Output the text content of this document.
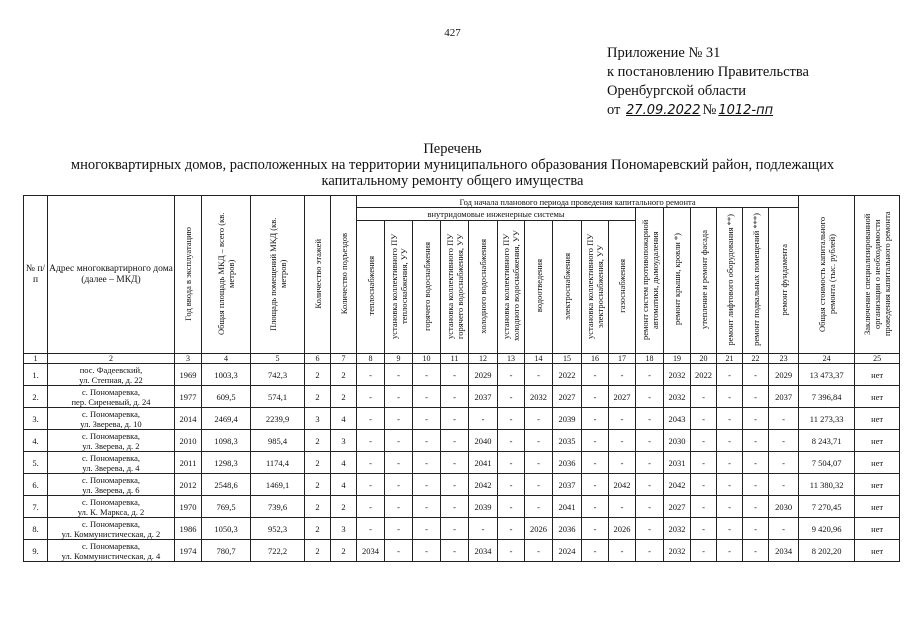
427
Приложение № 31
к постановлению Правительства
Оренбургской области
от
27.09.2022 № 1012-пп
Перечень
многоквартирных домов, расположенных на территории муниципального образования Пономаревский район, подлежащих
капитальному ремонту общего имущества
№ п/п	Адрес многоквартирного дома (далее – МКД)	Год ввода в эксплуатацию	Общая площадь МКД – всего (кв. метров)	Площадь помещений МКД (кв. метров)	Количество этажей	Количество подъездов	Год начала планового периода проведения капитального ремонта																Общая стоимость капитального ремонта (тыс. рублей)	Заключение специализированной организации о необходимости проведения капитального ремонта
							внутридомовые инженерные системы										ремонт систем противопожарной автоматики, дымоудаления	ремонт крыши, кровли *)	утепление и ремонт фасада	ремонт лифтового оборудования **)	ремонт подвальных помещений ***)	ремонт фундамента		
							теплоснабжения	установка коллективного ПУ теплоснабжения, УУ	горячего водоснабжения	установка коллективного ПУ горячего водоснабжения, УУ	холодного водоснабжения	установка коллективного ПУ холодного водоснабжения, УУ	водоотведения	электроснабжения	установка коллективного ПУ электроснабжения, УУ	газоснабжения								
1	2	3	4	5	6	7	8	9	10	11	12	13	14	15	16	17	18	19	20	21	22	23	24	25
1.	пос. Фадеевский,
ул. Степная, д. 22	1969	1003,3	742,3	2	2	-	-	-	-	2029	-	-	2022	-	-	-	2032	2022	-	-	2029	13 473,37	нет
2.	с. Пономаревка,
пер. Сиреневый, д. 24	1977	609,5	574,1	2	2	-	-	-	-	2037	-	2032	2027	-	2027	-	2032	-	-	-	2037	7 396,84	нет
3.	с. Пономаревка,
ул. Зверева, д. 10	2014	2469,4	2239,9	3	4	-	-	-	-	-	-	-	2039	-	-	-	2043	-	-	-	-	11 273,33	нет
4.	с. Пономаревка,
ул. Зверева, д. 2	2010	1098,3	985,4	2	3	-	-	-	-	2040	-	-	2035	-	-	-	2030	-	-	-	-	8 243,71	нет
5.	с. Пономаревка,
ул. Зверева, д. 4	2011	1298,3	1174,4	2	4	-	-	-	-	2041	-	-	2036	-	-	-	2031	-	-	-	-	7 504,07	нет
6.	с. Пономаревка,
ул. Зверева, д. 6	2012	2548,6	1469,1	2	4	-	-	-	-	2042	-	-	2037	-	2042	-	2042	-	-	-	-	11 380,32	нет
7.	с. Пономаревка,
ул. К. Маркса, д. 2	1970	769,5	739,6	2	2	-	-	-	-	2039	-	-	2041	-	-	-	2027	-	-	-	2030	7 270,45	нет
8.	с. Пономаревка,
ул. Коммунистическая, д. 2	1986	1050,3	952,3	2	3	-	-	-	-	-	-	2026	2036	-	2026	-	2032	-	-	-	-	9 420,96	нет
9.	с. Пономаревка,
ул. Коммунистическая, д. 4	1974	780,7	722,2	2	2	2034	-	-	-	2034	-	-	2024	-	-	-	2032	-	-	-	2034	8 202,20	нет
